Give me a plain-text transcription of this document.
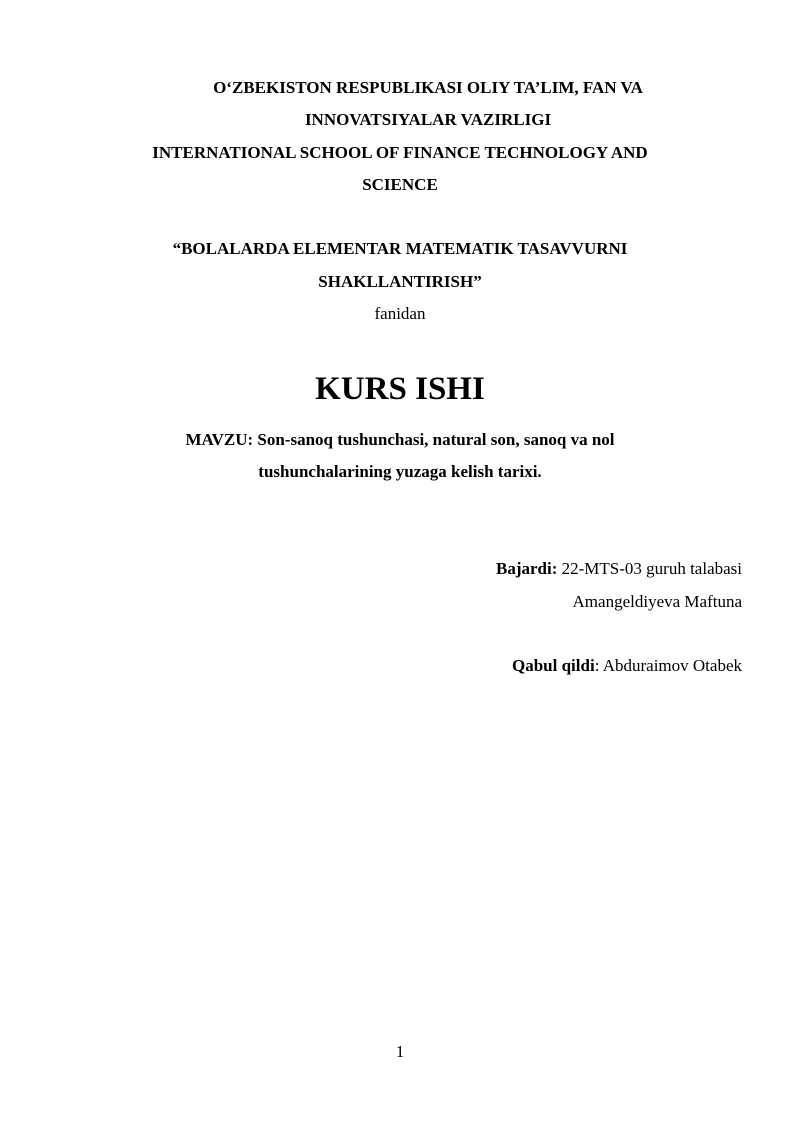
O‘ZBEKISTON RESPUBLIKASI OLIY TA’LIM, FAN VA
INNOVATSIYALAR VAZIRLIGI
INTERNATIONAL SCHOOL OF FINANCE TECHNOLOGY AND
SCIENCE
“BOLALARDA ELEMENTAR MATEMATIK TASAVVURNI
SHAKLLANTIRISH”
fanidan
KURS ISHI
MAVZU: Son-sanoq tushunchasi, natural son, sanoq va nol
tushunchalarining yuzaga kelish tarixi.
Bajardi: 22-MTS-03 guruh talabasi
Amangeldiyeva Maftuna
Qabul qildi: Abduraimov Otabek
1
